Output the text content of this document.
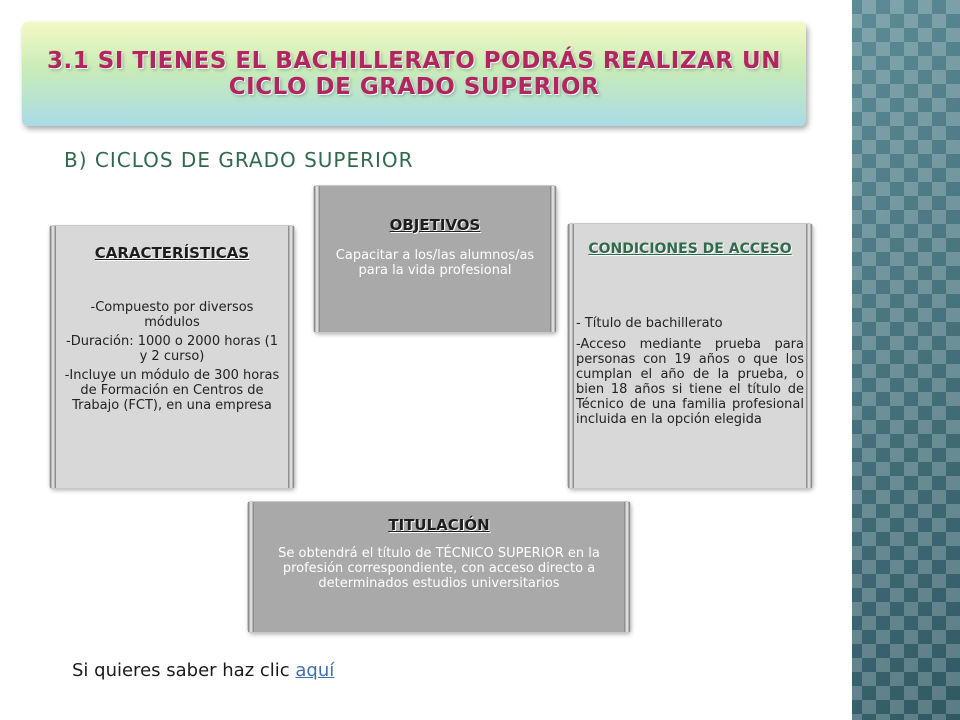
3.1 SI TIENES EL BACHILLERATO PODRÁS REALIZAR UN CICLO DE GRADO SUPERIOR
B) CICLOS DE GRADO SUPERIOR
CARACTERÍSTICAS

-Compuesto por diversos módulos

-Duración: 1000 o 2000 horas (1 y 2 curso)

-Incluye un módulo de 300 horas de Formación en Centros de Trabajo (FCT), en una empresa

OBJETIVOS

Capacitar a los/las alumnos/as para la vida profesional

CONDICIONES DE ACCESO

- Título de bachillerato

-Acceso mediante prueba para personas con 19 años o que los cumplan el año de la prueba, o bien 18 años si tiene el título de Técnico de una familia profesional incluida en la opción elegida

TITULACIÓN

Se obtendrá el título de TÉCNICO SUPERIOR en la profesión correspondiente, con acceso directo a determinados estudios universitarios

Si quieres saber haz clic aquí
